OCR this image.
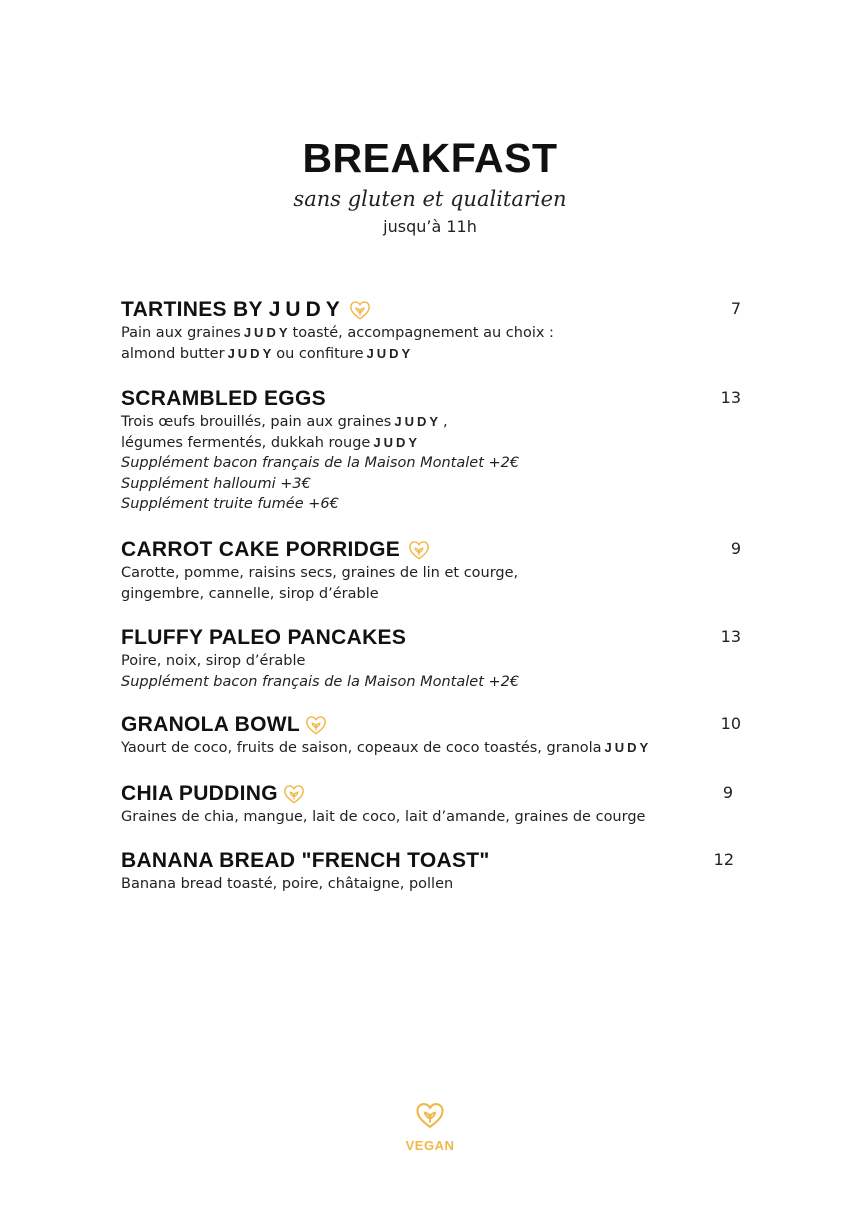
BREAKFAST
sans gluten et qualitarien
jusqu’à 11h
TARTINES BY JUDY	7
Pain aux graines JUDY toasté, accompagnement au choix :
almond butter JUDY ou confiture JUDY
SCRAMBLED EGGS	13
Trois œufs brouillés, pain aux graines JUDY ,
légumes fermentés, dukkah rouge JUDY
Supplément bacon français de la Maison Montalet +2€
Supplément halloumi +3€
Supplément truite fumée +6€
CARROT CAKE PORRIDGE	9
Carotte, pomme, raisins secs, graines de lin et courge,
gingembre, cannelle, sirop d’érable
FLUFFY PALEO PANCAKES	13
Poire, noix, sirop d’érable
Supplément bacon français de la Maison Montalet +2€
GRANOLA BOWL	10
Yaourt de coco, fruits de saison, copeaux de coco toastés, granola JUDY
CHIA PUDDING	9
Graines de chia, mangue, lait de coco, lait d’amande, graines de courge
BANANA BREAD "FRENCH TOAST"	12
Banana bread toasté, poire, châtaigne, pollen
VEGAN
